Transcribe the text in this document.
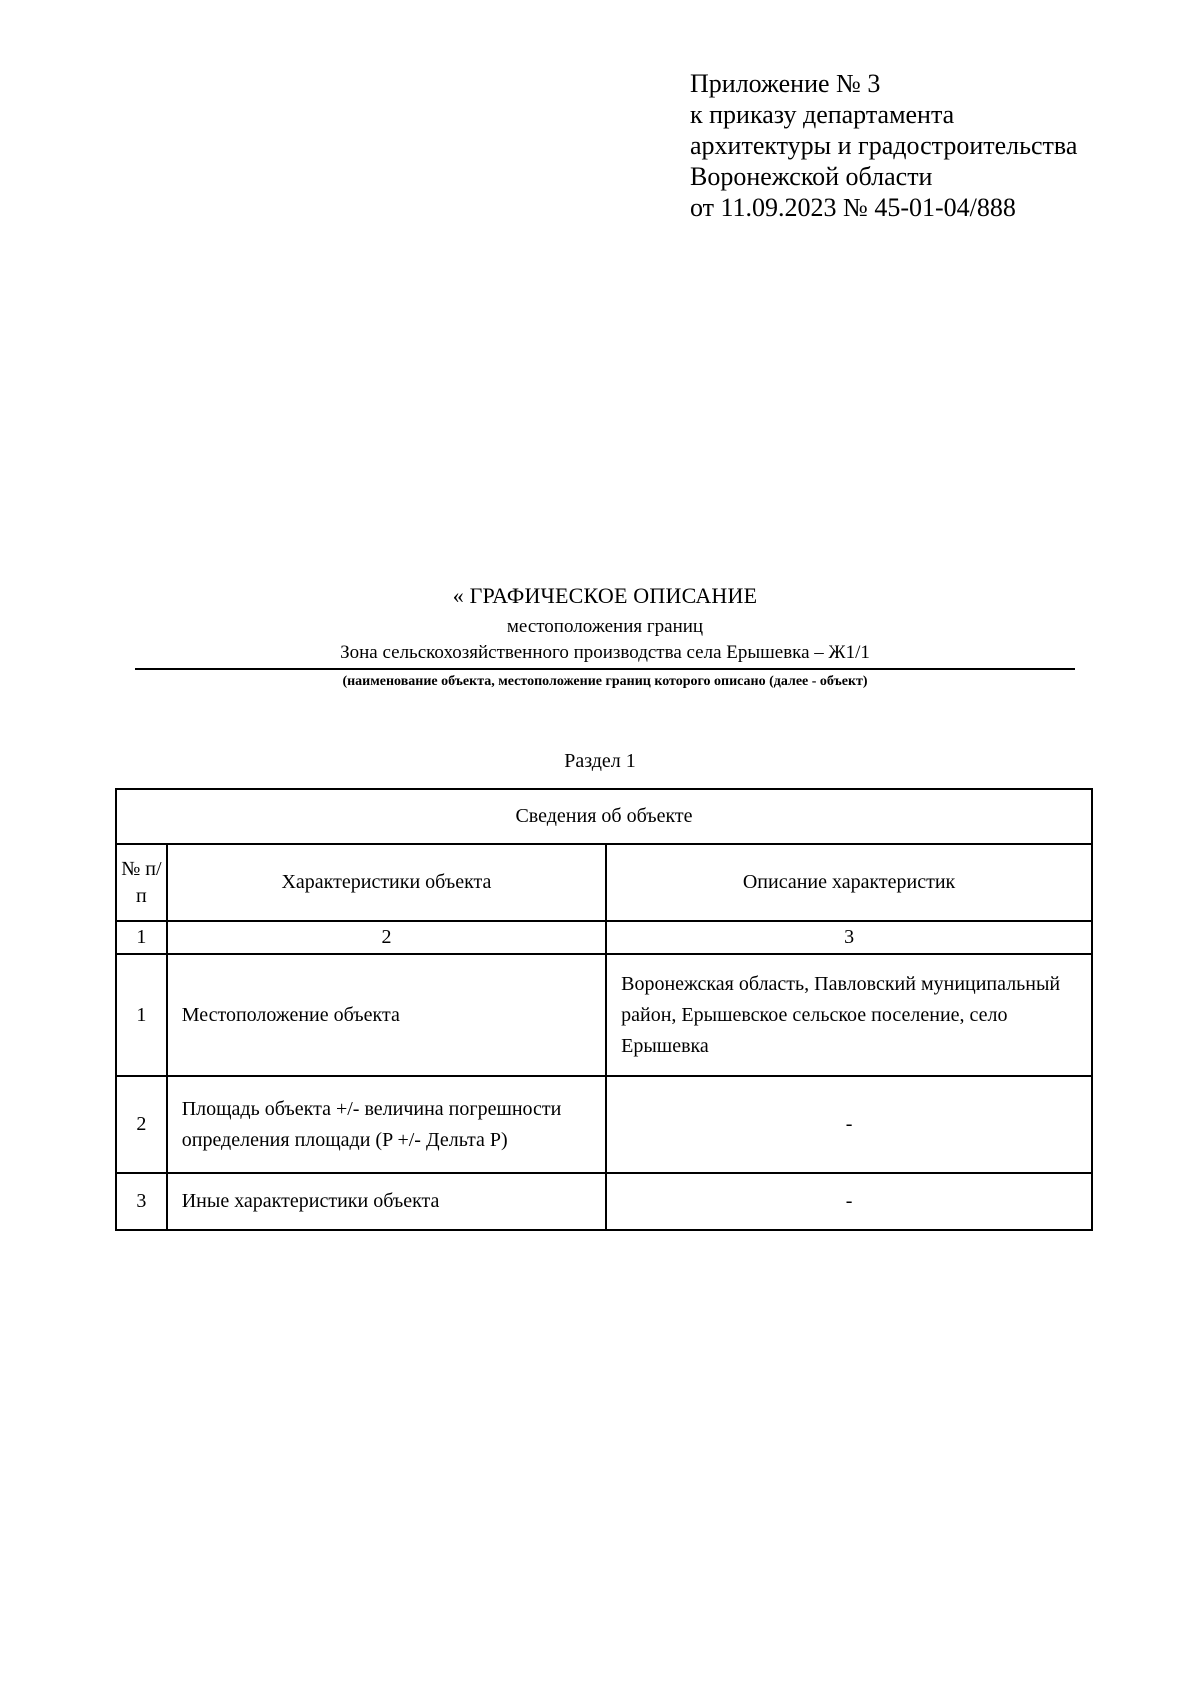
Приложение № 3
к приказу департамента
архитектуры и градостроительства
Воронежской области
от 11.09.2023 № 45-01-04/888
« ГРАФИЧЕСКОЕ ОПИСАНИЕ
местоположения границ
Зона сельскохозяйственного производства села Ерышевка – Ж1/1
(наименование объекта, местоположение границ которого описано (далее - объект)
Раздел 1
Сведения об объекте		
№ п/п	Характеристики объекта	Описание характеристик
1	2	3
1	Местоположение объекта	Воронежская область, Павловский муниципальный район, Ерышевское сельское поселение, село Ерышевка
2	Площадь объекта +/- величина погрешности определения площади (P +/- Дельта P)	-
3	Иные характеристики объекта	-
